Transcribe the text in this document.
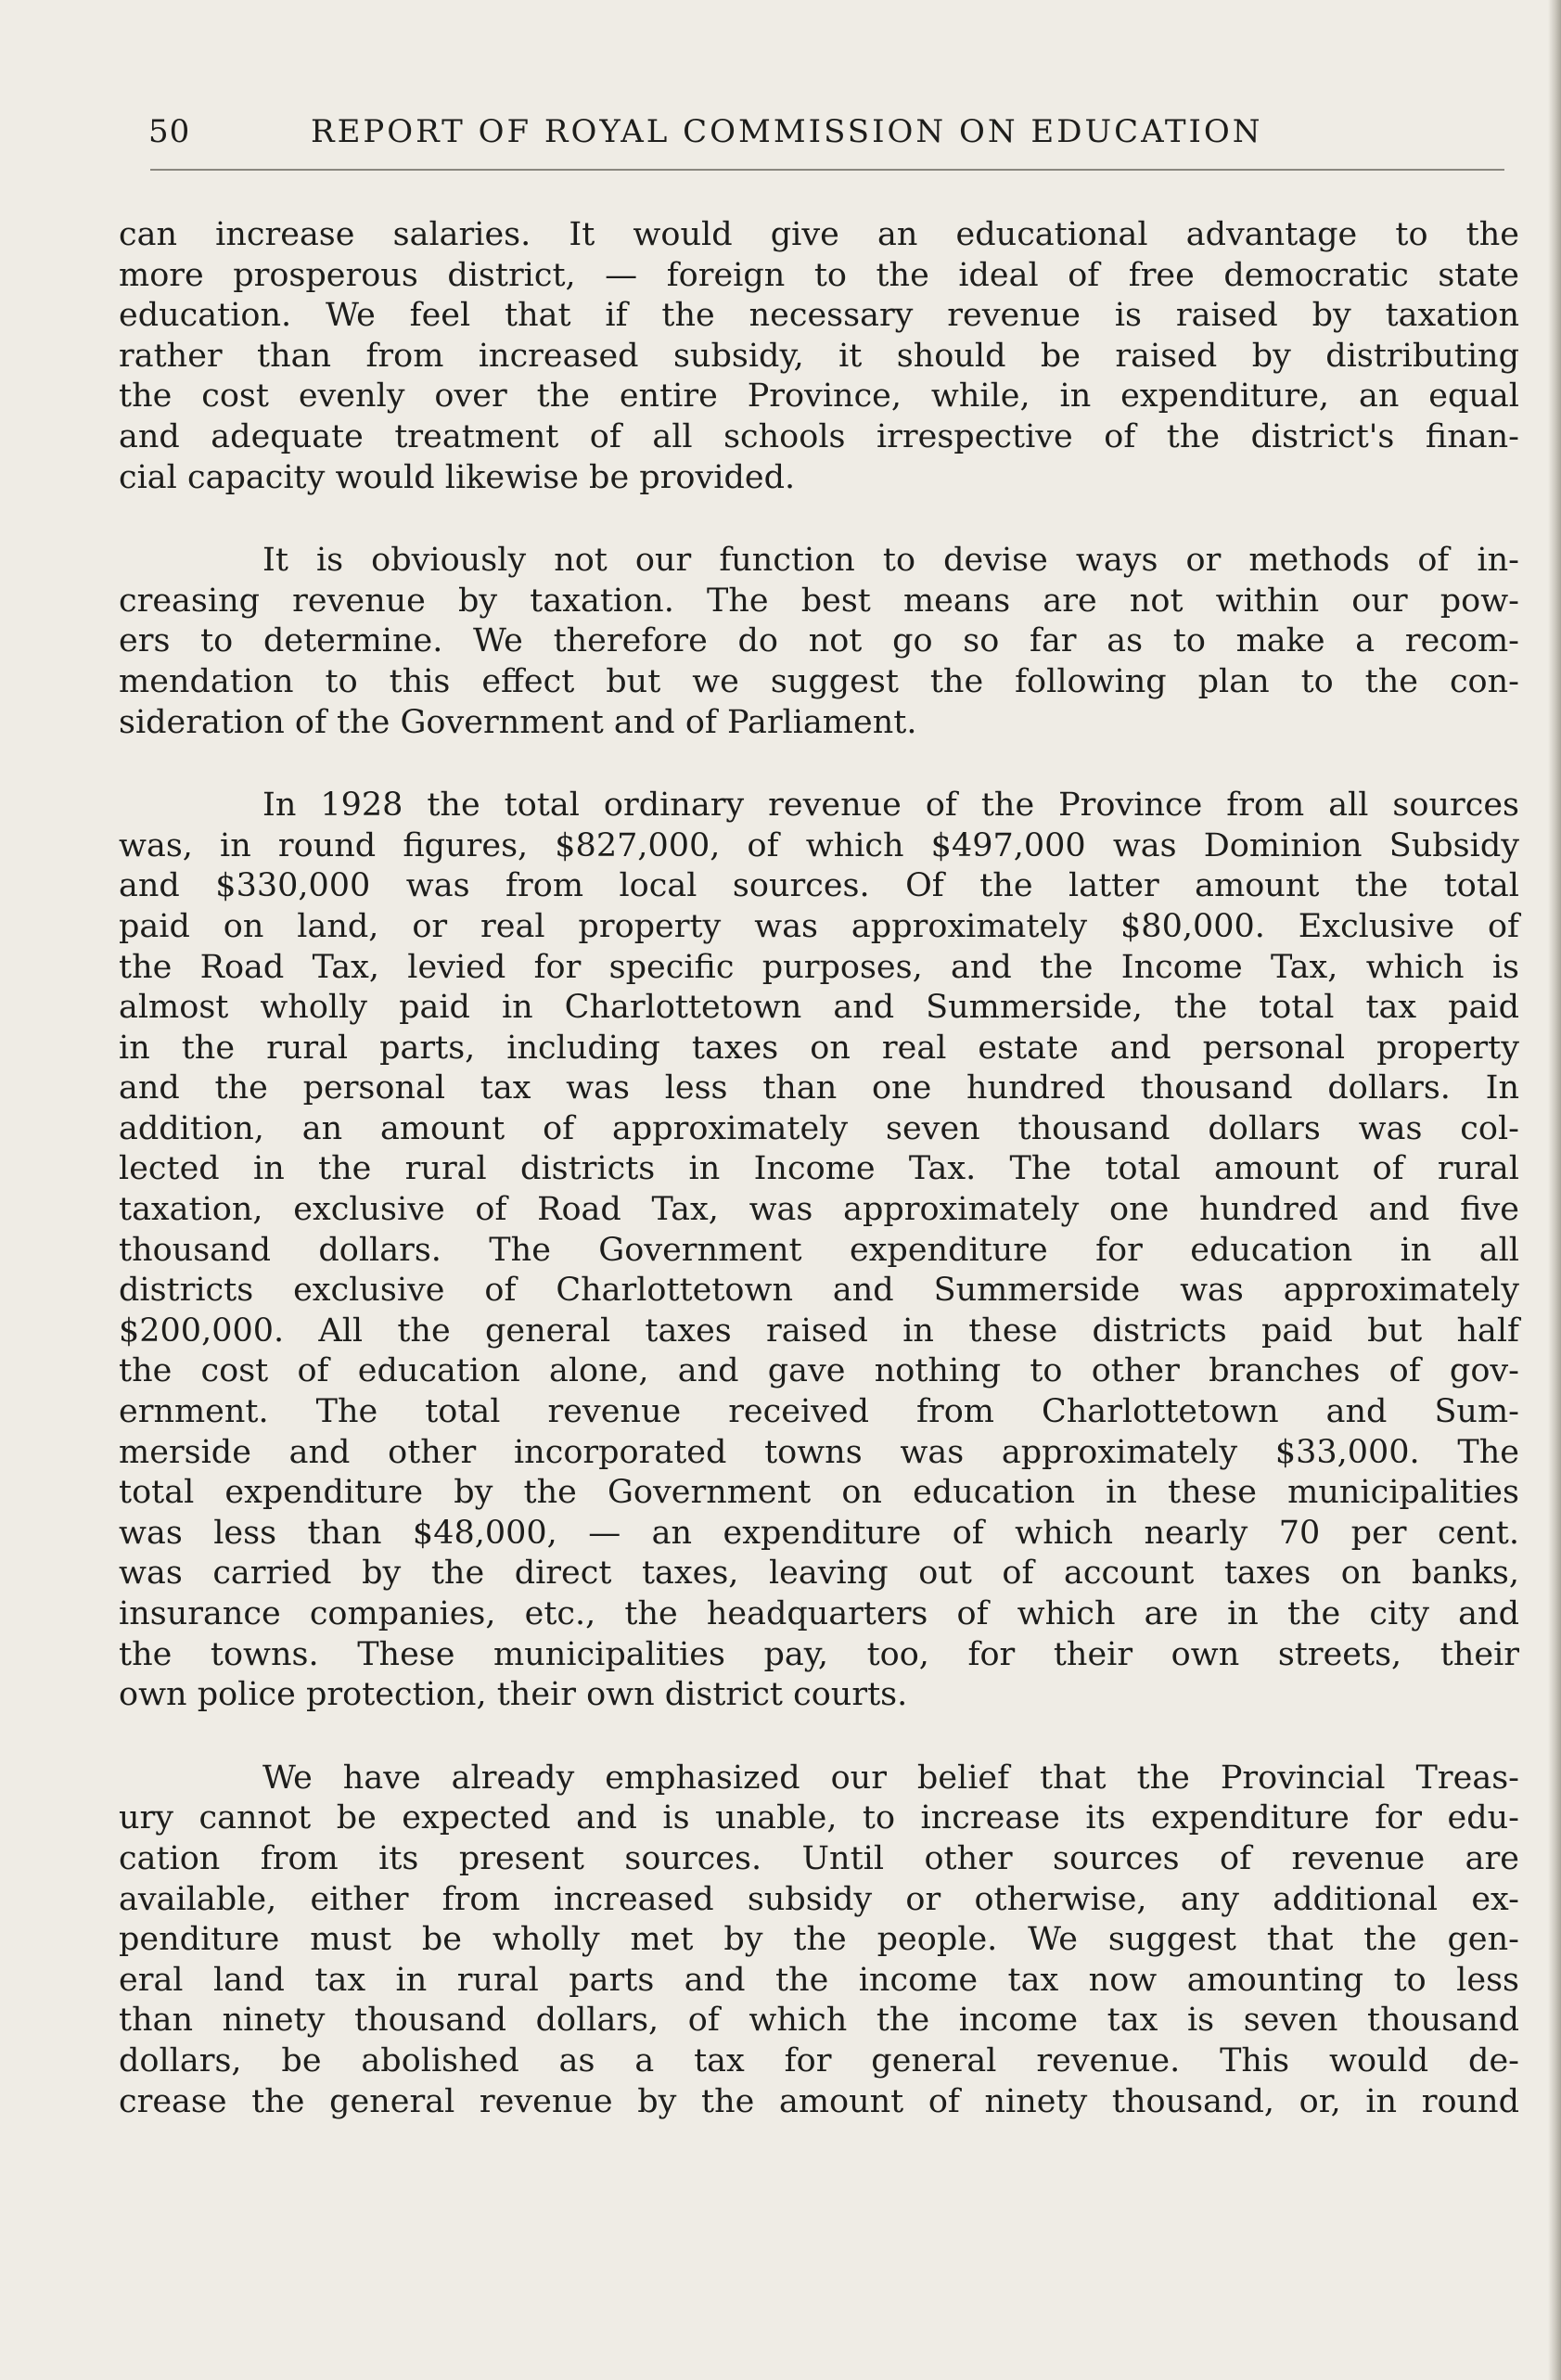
50	REPORT OF ROYAL COMMISSION ON EDUCATION
can increase salaries. It would give an educational advantage to the
more prosperous district, — foreign to the ideal of free democratic state
education. We feel that if the necessary revenue is raised by taxation
rather than from increased subsidy, it should be raised by distributing
the cost evenly over the entire Province, while, in expenditure, an equal
and adequate treatment of all schools irrespective of the district's finan-
cial capacity would likewise be provided.
It is obviously not our function to devise ways or methods of in-
creasing revenue by taxation. The best means are not within our pow-
ers to determine. We therefore do not go so far as to make a recom-
mendation to this effect but we suggest the following plan to the con-
sideration of the Government and of Parliament.
In 1928 the total ordinary revenue of the Province from all sources
was, in round figures, $827,000, of which $497,000 was Dominion Subsidy
and $330,000 was from local sources. Of the latter amount the total
paid on land, or real property was approximately $80,000. Exclusive of
the Road Tax, levied for specific purposes, and the Income Tax, which is
almost wholly paid in Charlottetown and Summerside, the total tax paid
in the rural parts, including taxes on real estate and personal property
and the personal tax was less than one hundred thousand dollars. In
addition, an amount of approximately seven thousand dollars was col-
lected in the rural districts in Income Tax. The total amount of rural
taxation, exclusive of Road Tax, was approximately one hundred and five
thousand dollars. The Government expenditure for education in all
districts exclusive of Charlottetown and Summerside was approximately
$200,000. All the general taxes raised in these districts paid but half
the cost of education alone, and gave nothing to other branches of gov-
ernment. The total revenue received from Charlottetown and Sum-
merside and other incorporated towns was approximately $33,000. The
total expenditure by the Government on education in these municipalities
was less than $48,000, — an expenditure of which nearly 70 per cent.
was carried by the direct taxes, leaving out of account taxes on banks,
insurance companies, etc., the headquarters of which are in the city and
the towns. These municipalities pay, too, for their own streets, their
own police protection, their own district courts.
We have already emphasized our belief that the Provincial Treas-
ury cannot be expected and is unable, to increase its expenditure for edu-
cation from its present sources. Until other sources of revenue are
available, either from increased subsidy or otherwise, any additional ex-
penditure must be wholly met by the people. We suggest that the gen-
eral land tax in rural parts and the income tax now amounting to less
than ninety thousand dollars, of which the income tax is seven thousand
dollars, be abolished as a tax for general revenue. This would de-
crease the general revenue by the amount of ninety thousand, or, in round
